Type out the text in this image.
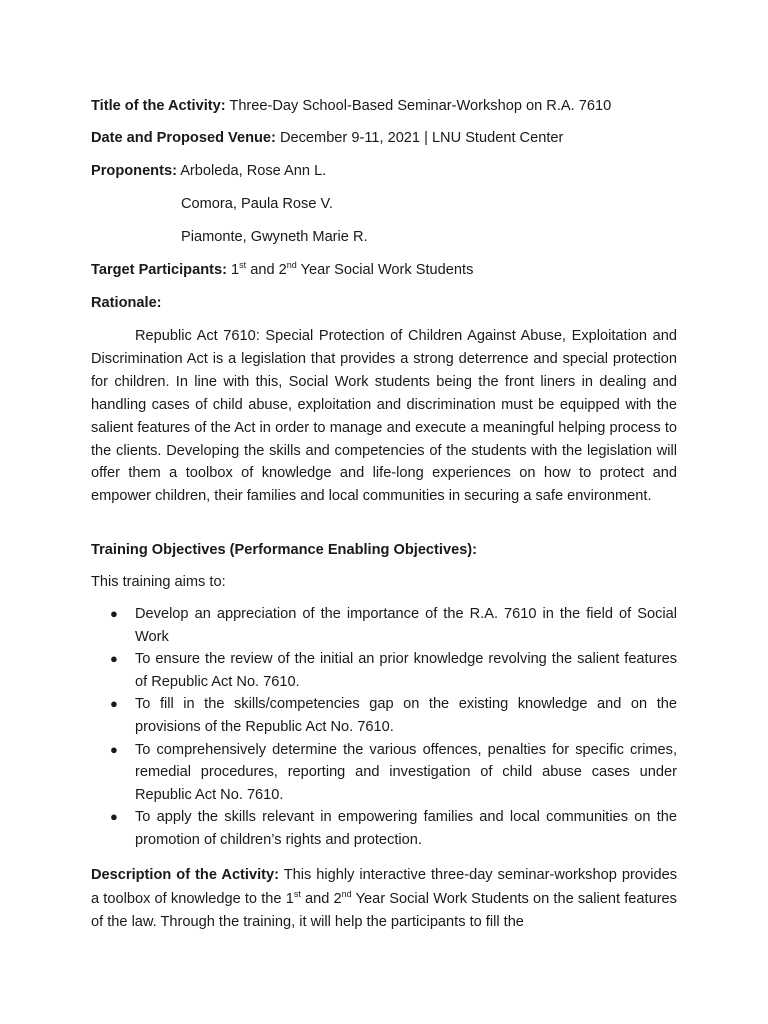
Title of the Activity: Three-Day School-Based Seminar-Workshop on R.A. 7610
Date and Proposed Venue: December 9-11, 2021 | LNU Student Center
Proponents: Arboleda, Rose Ann L.
Comora, Paula Rose V.
Piamonte, Gwyneth Marie R.
Target Participants: 1st and 2nd Year Social Work Students
Rationale:
Republic Act 7610: Special Protection of Children Against Abuse, Exploitation and Discrimination Act is a legislation that provides a strong deterrence and special protection for children. In line with this, Social Work students being the front liners in dealing and handling cases of child abuse, exploitation and discrimination must be equipped with the salient features of the Act in order to manage and execute a meaningful helping process to the clients. Developing the skills and competencies of the students with the legislation will offer them a toolbox of knowledge and life-long experiences on how to protect and empower children, their families and local communities in securing a safe environment.
Training Objectives (Performance Enabling Objectives):
This training aims to:
● Develop an appreciation of the importance of the R.A. 7610 in the field of Social Work
● To ensure the review of the initial an prior knowledge revolving the salient features of Republic Act No. 7610.
● To fill in the skills/competencies gap on the existing knowledge and on the provisions of the Republic Act No. 7610.
● To comprehensively determine the various offences, penalties for specific crimes, remedial procedures, reporting and investigation of child abuse cases under Republic Act No. 7610.
● To apply the skills relevant in empowering families and local communities on the promotion of children’s rights and protection.
Description of the Activity: This highly interactive three-day seminar-workshop provides a toolbox of knowledge to the 1st and 2nd Year Social Work Students on the salient features of the law. Through the training, it will help the participants to fill the
